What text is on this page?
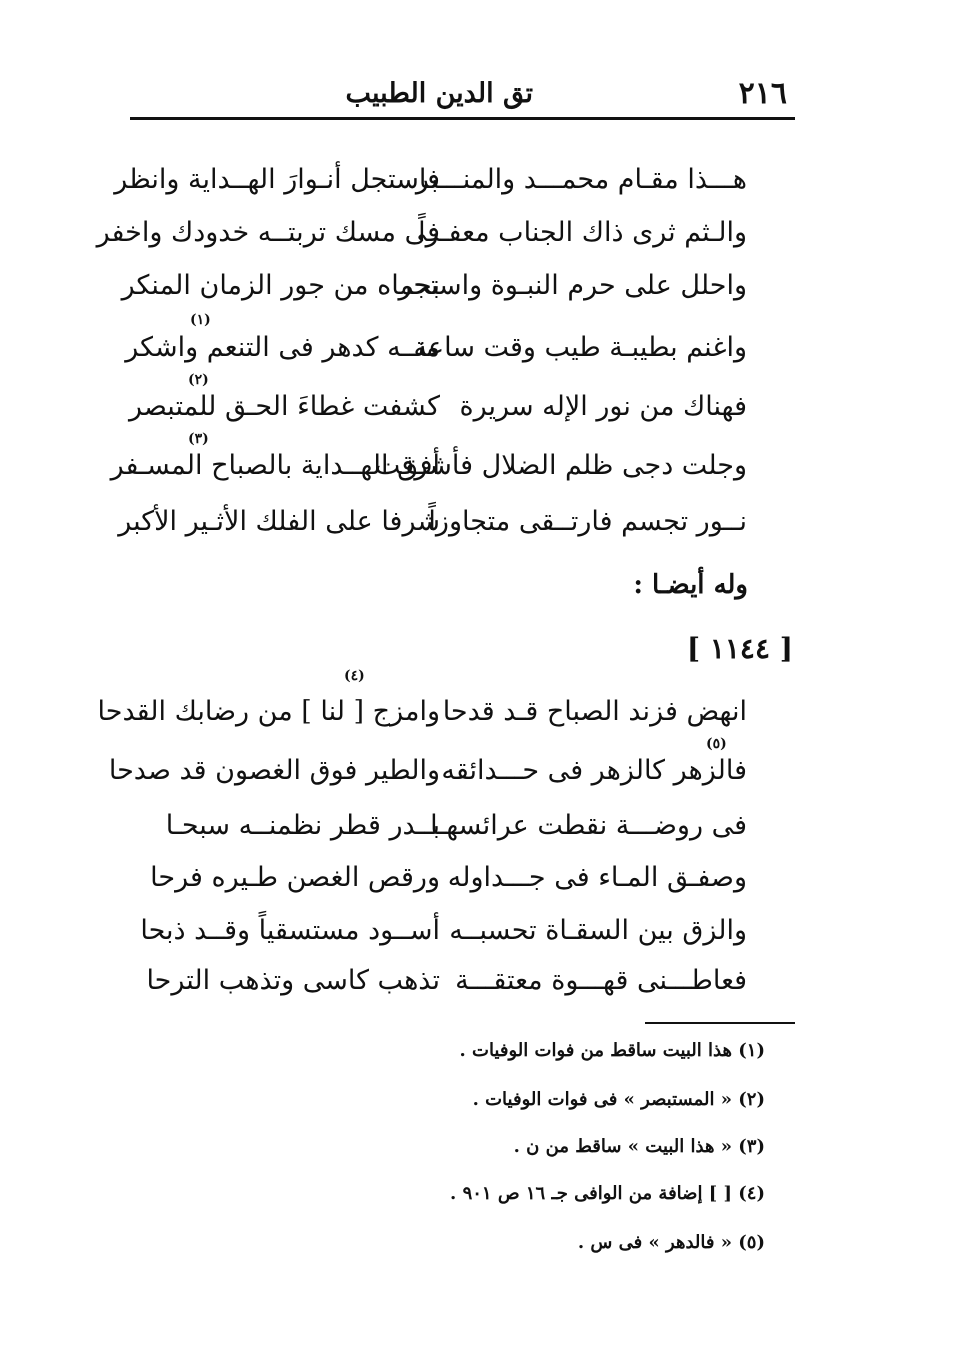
٢١٦
تق الدين الطبيب
هـــذا مقـام محمـــد والمنـــبر
فاستجل أنـوارَ الهــداية وانظر
والـثم ثرى ذاك الجناب معفـراً
فى مسك تربتــه خدودك واخفر
واحلل على حرم النبـوة واستجر
بحماه من جور الزمان المنكر
واغنم بطيبـة طيب وقت ساعة
منــه كدهر فى التنعم واشكر
فهناك من نور الإله سريرة
كشفت غطاءَ الحـق للمتبصر
وجلت دجى ظلم الضلال فأشرقت
أفق الهــداية بالصباح المسـفر
نــور تجسم فارتــقى متجاوزاً
شرفا على الفلك الأثـير الأكبر
وله أيضـا :
[ ١١٤٤ ]
انهض فزند الصباح قـد قدحا
وامزج [ لنا ] من رضابك القدحا
فالزهر كالزهر فى حـــدائقه
والطير فوق الغصون قد صدحا
فى روضـــة نقطت عرائسهـا
بــدر قطر نظمنــه سبحـا
وصفـق المـاء فى جـــداوله
ورقص الغصن طـيره فرحا
والزق بين السقـاة تحسبــه
أســود مستسقياً وقــد ذبحا
فعاطـــنى قهـــوة معتقـــة
تذهب كاسى وتذهب الترحا
(١)
(٢)
(٣)
(٤)
(٥)
(١) هذا البيت ساقط من فوات الوفيات .
(٢) « المستبصر » فى فوات الوفيات .
(٣) « هذا البيت » ساقط من ن .
(٤) [ ] إضافة من الوافى جـ ١٦ ص ٩٠١ .
(٥) « فالدهر » فى س .
